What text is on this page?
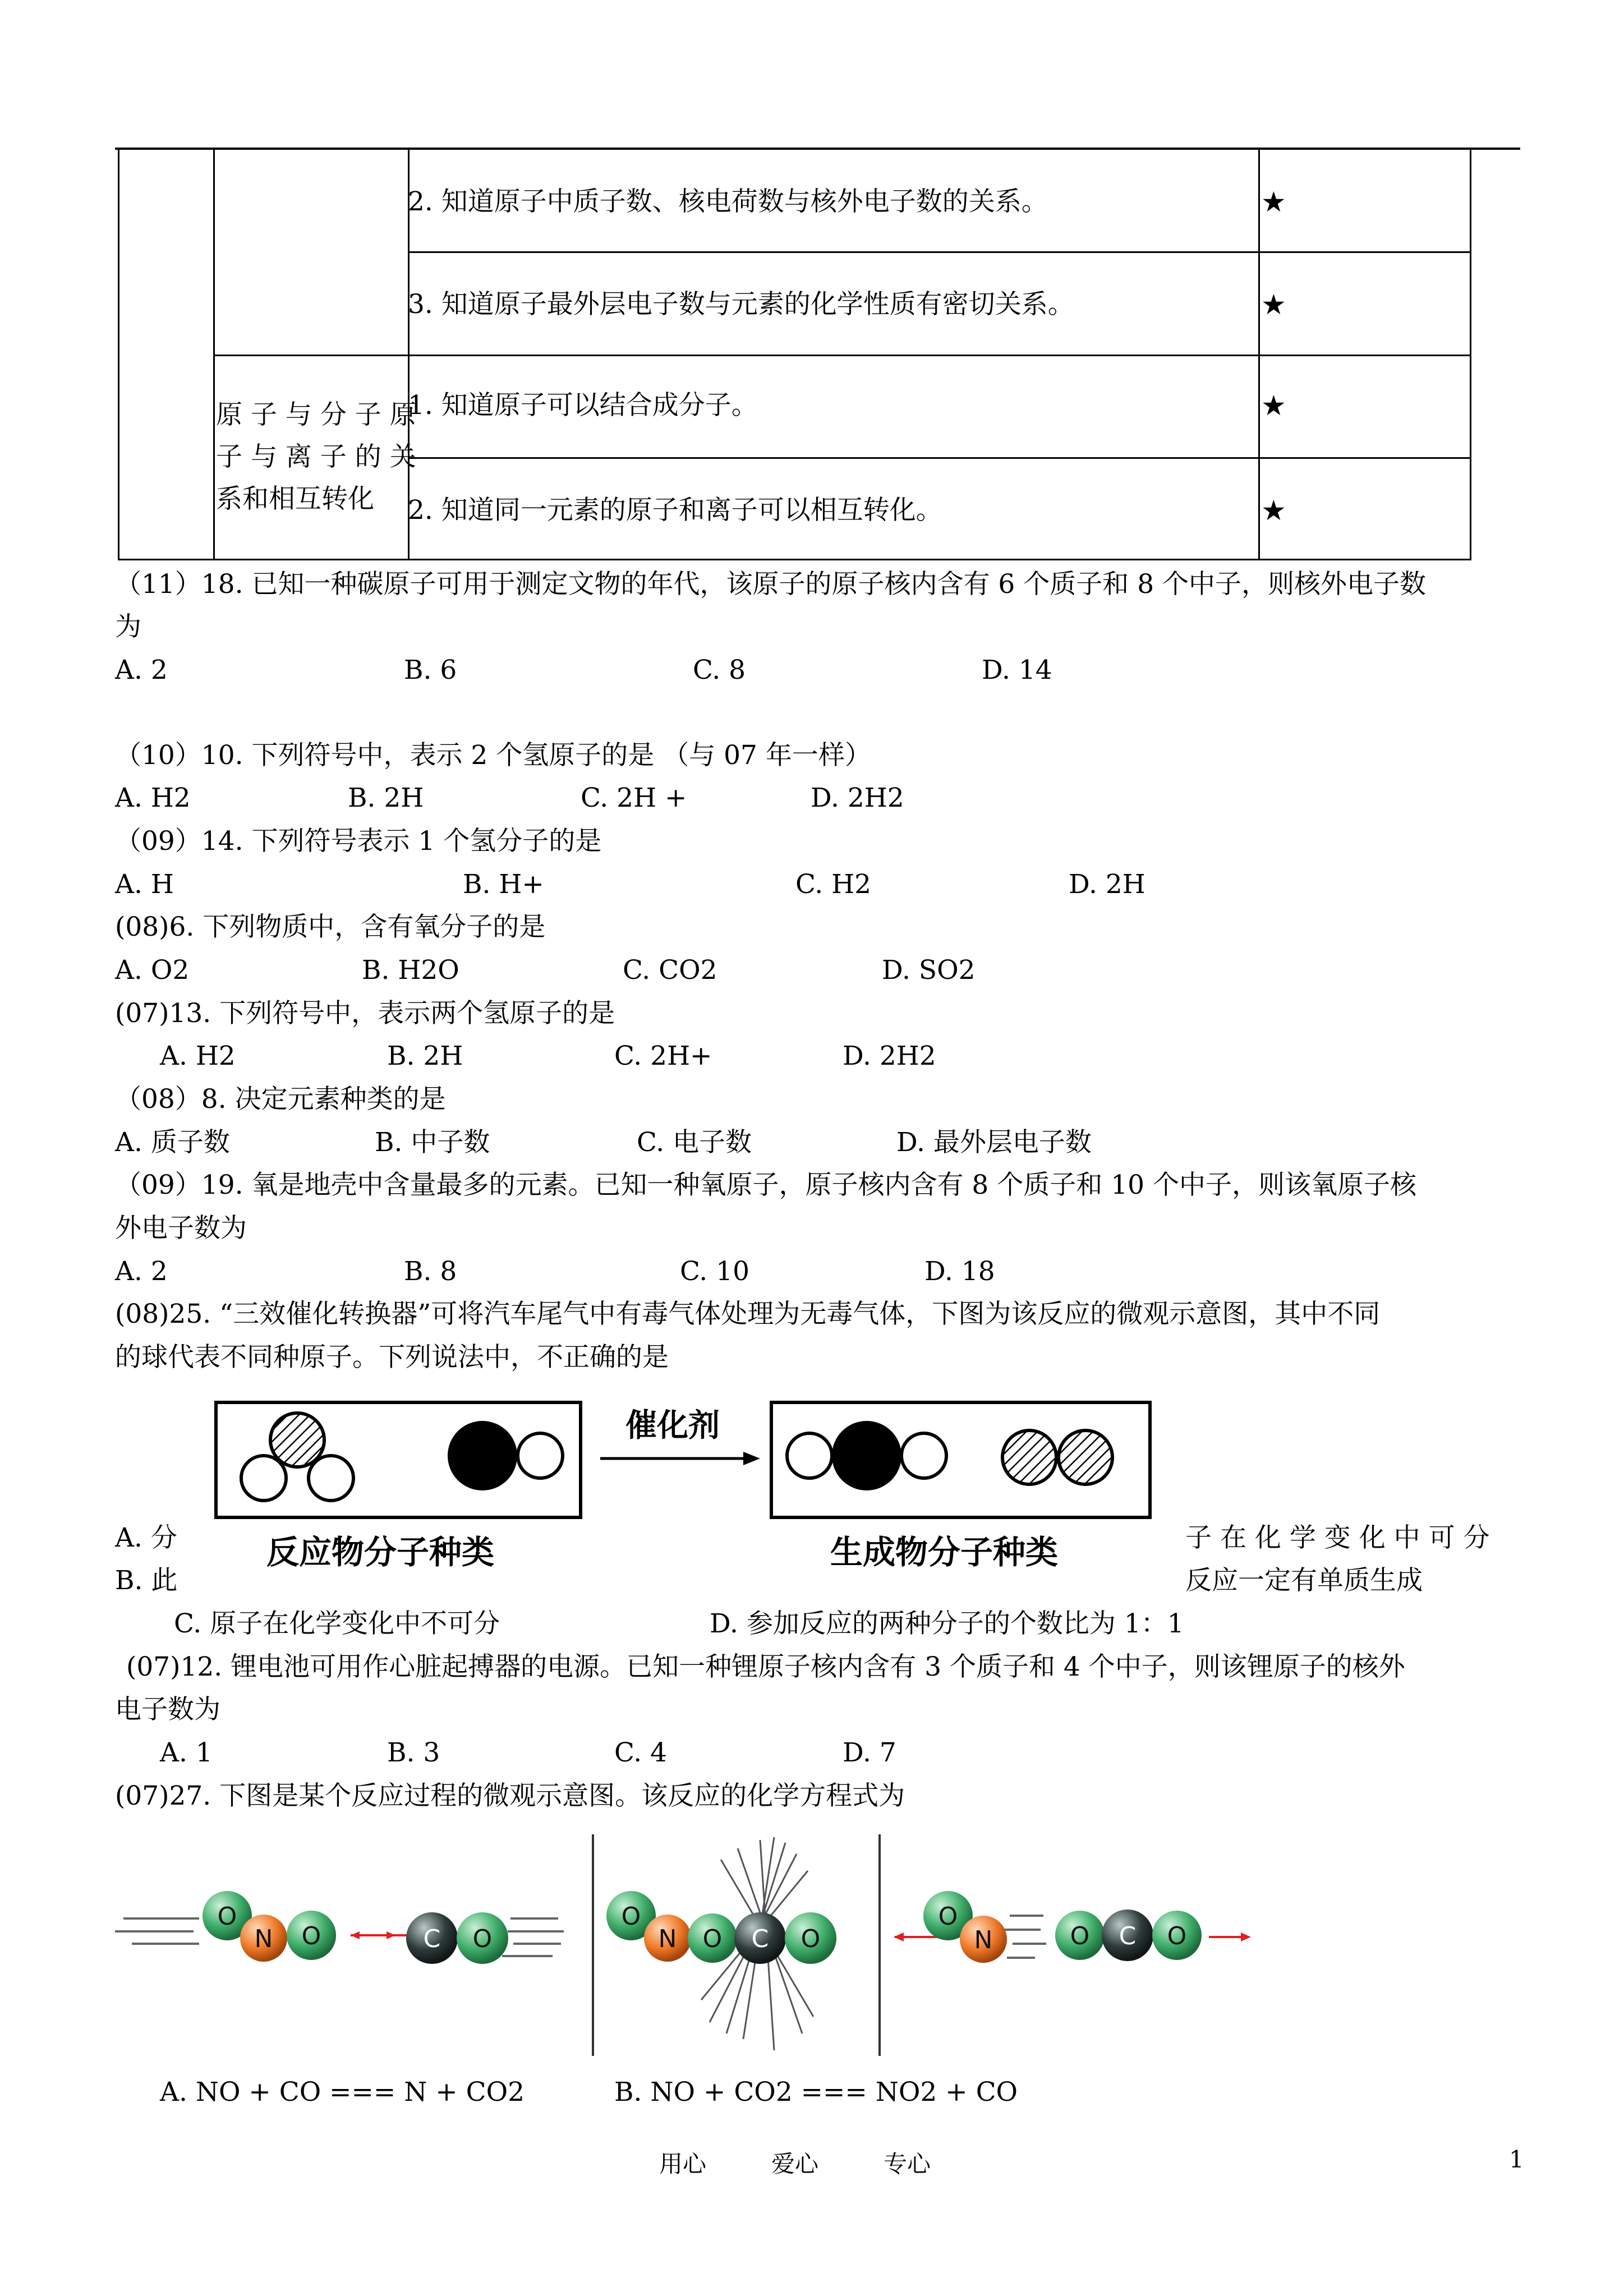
2. 知道原子中质子数、核电荷数与核外电子数的关系。	★
3. 知道原子最外层电子数与元素的化学性质有密切关系。	★
1. 知道原子可以结合成分子。	★
2. 知道同一元素的原子和离子可以相互转化。	★
原 子 与 分 子 原
子 与 离 子 的 关
系和相互转化
（11）18. 已知一种碳原子可用于测定文物的年代，该原子的原子核内含有 6 个质子和 8 个中子，则核外电子数
为
A. 2	B. 6	C. 8	D. 14
（10）10. 下列符号中，表示 2 个氢原子的是 （与 07 年一样）
A. H2	B. 2H	C. 2H +	D. 2H2
（09）14. 下列符号表示 1 个氢分子的是
A. H	B. H+	C. H2	D. 2H
(08)6. 下列物质中，含有氧分子的是
A. O2	B. H2O	C. CO2	D. SO2
(07)13. 下列符号中，表示两个氢原子的是
A. H2	B. 2H	C. 2H+	D. 2H2
（08）8. 决定元素种类的是
A. 质子数	B. 中子数	C. 电子数	D. 最外层电子数
（09）19. 氧是地壳中含量最多的元素。已知一种氧原子，原子核内含有 8 个质子和 10 个中子，则该氧原子核
外电子数为
A. 2	B. 8	C. 10	D. 18
(08)25. “三效催化转换器”可将汽车尾气中有毒气体处理为无毒气体，下图为该反应的微观示意图，其中不同
的球代表不同种原子。下列说法中，不正确的是
催化剂
反应物分子种类	生成物分子种类
A. 分
B. 此
子 在 化 学 变 化 中 可 分
反应一定有单质生成
C. 原子在化学变化中不可分	D. 参加反应的两种分子的个数比为 1：1
(07)12. 锂电池可用作心脏起搏器的电源。已知一种锂原子核内含有 3 个质子和 4 个中子，则该锂原子的核外
电子数为
A. 1	B. 3	C. 4	D. 7
(07)27. 下图是某个反应过程的微观示意图。该反应的化学方程式为
O
N O	C O
O
N O C O
O
N	O C O
A. NO + CO === N + CO2	B. NO + CO2 === NO2 + CO
用心	爱心	专心	1
